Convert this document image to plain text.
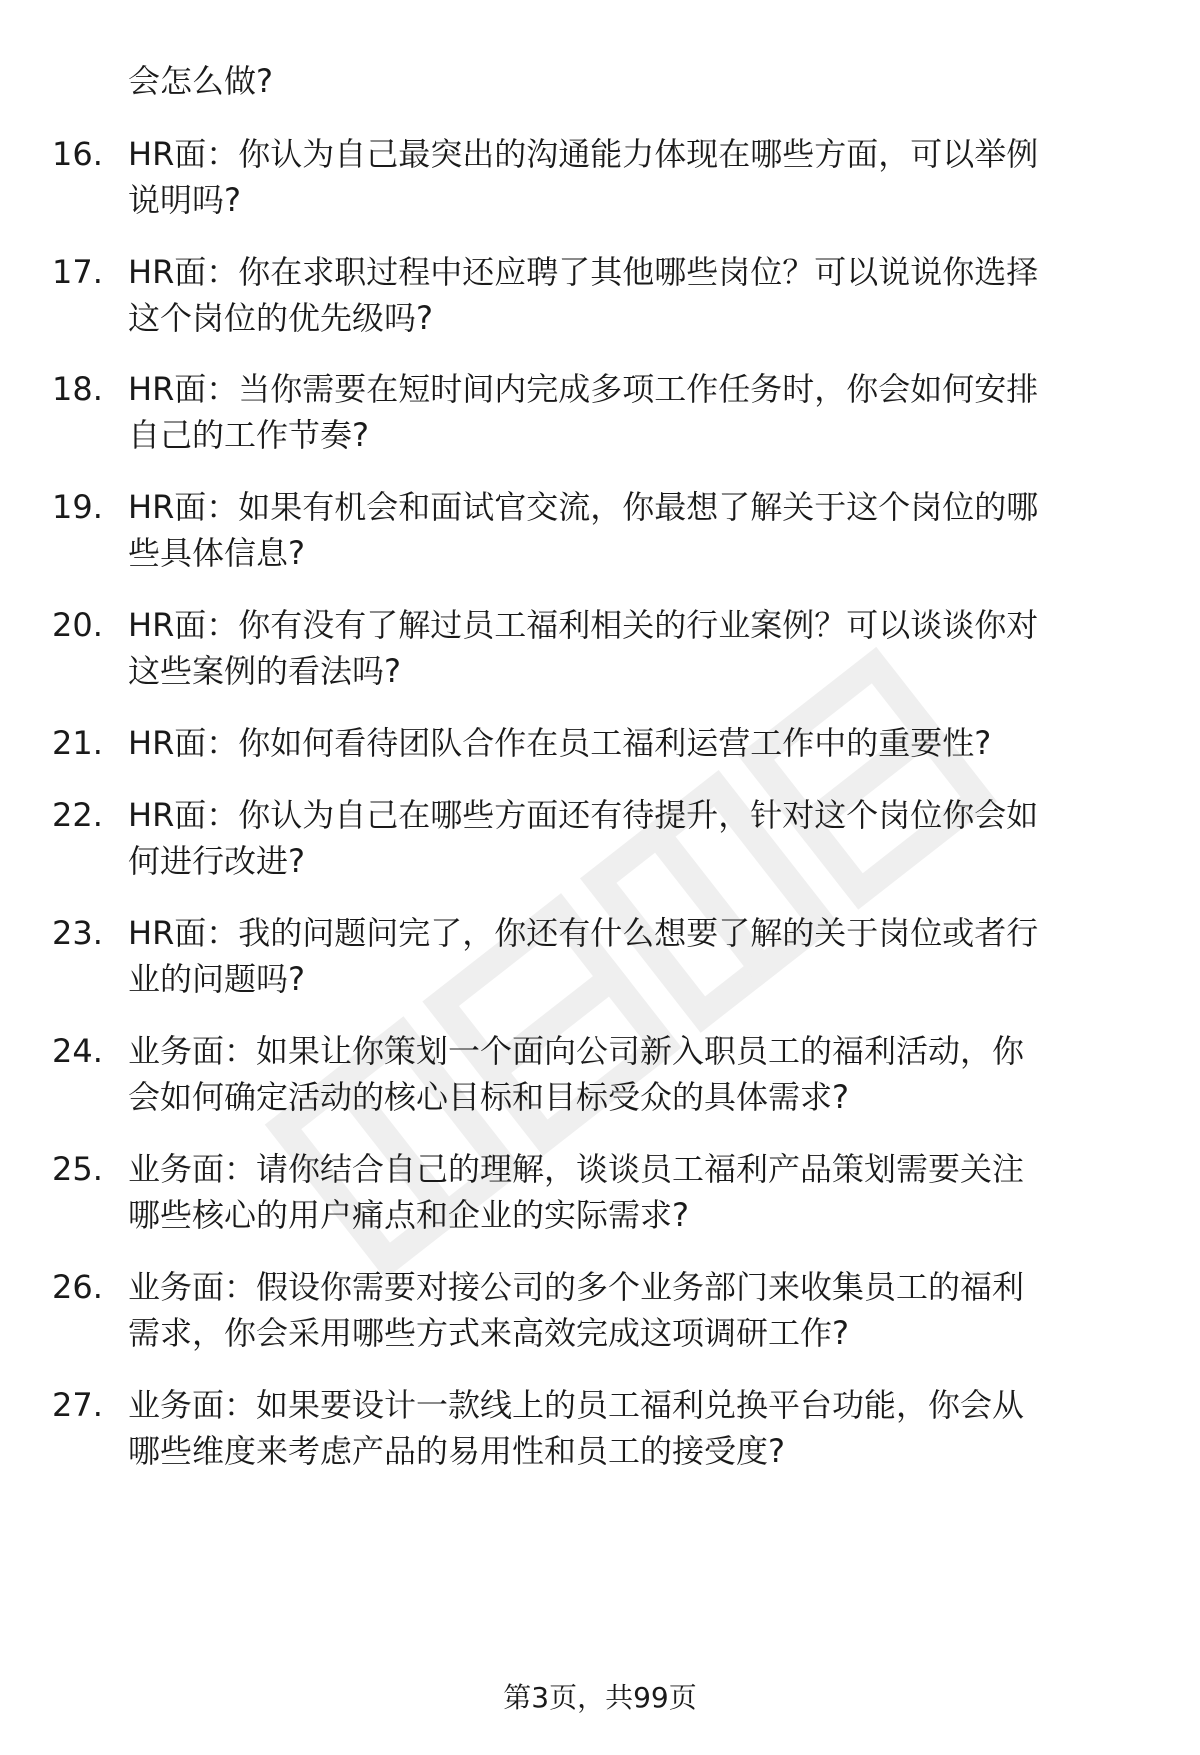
会怎么做?
16. HR面：你认为自己最突出的沟通能力体现在哪些方面，可以举例
说明吗?
17. HR面：你在求职过程中还应聘了其他哪些岗位？可以说说你选择
这个岗位的优先级吗?
18. HR面：当你需要在短时间内完成多项工作任务时，你会如何安排
自己的工作节奏?
19. HR面：如果有机会和面试官交流，你最想了解关于这个岗位的哪
些具体信息?
20. HR面：你有没有了解过员工福利相关的行业案例？可以谈谈你对
这些案例的看法吗?
21. HR面：你如何看待团队合作在员工福利运营工作中的重要性?
22. HR面：你认为自己在哪些方面还有待提升，针对这个岗位你会如
何进行改进?
23. HR面：我的问题问完了，你还有什么想要了解的关于岗位或者行
业的问题吗?
24. 业务面：如果让你策划一个面向公司新入职员工的福利活动，你
会如何确定活动的核心目标和目标受众的具体需求?
25. 业务面：请你结合自己的理解，谈谈员工福利产品策划需要关注
哪些核心的用户痛点和企业的实际需求?
26. 业务面：假设你需要对接公司的多个业务部门来收集员工的福利
需求，你会采用哪些方式来高效完成这项调研工作?
27. 业务面：如果要设计一款线上的员工福利兑换平台功能，你会从
哪些维度来考虑产品的易用性和员工的接受度?
第3页，共99页
